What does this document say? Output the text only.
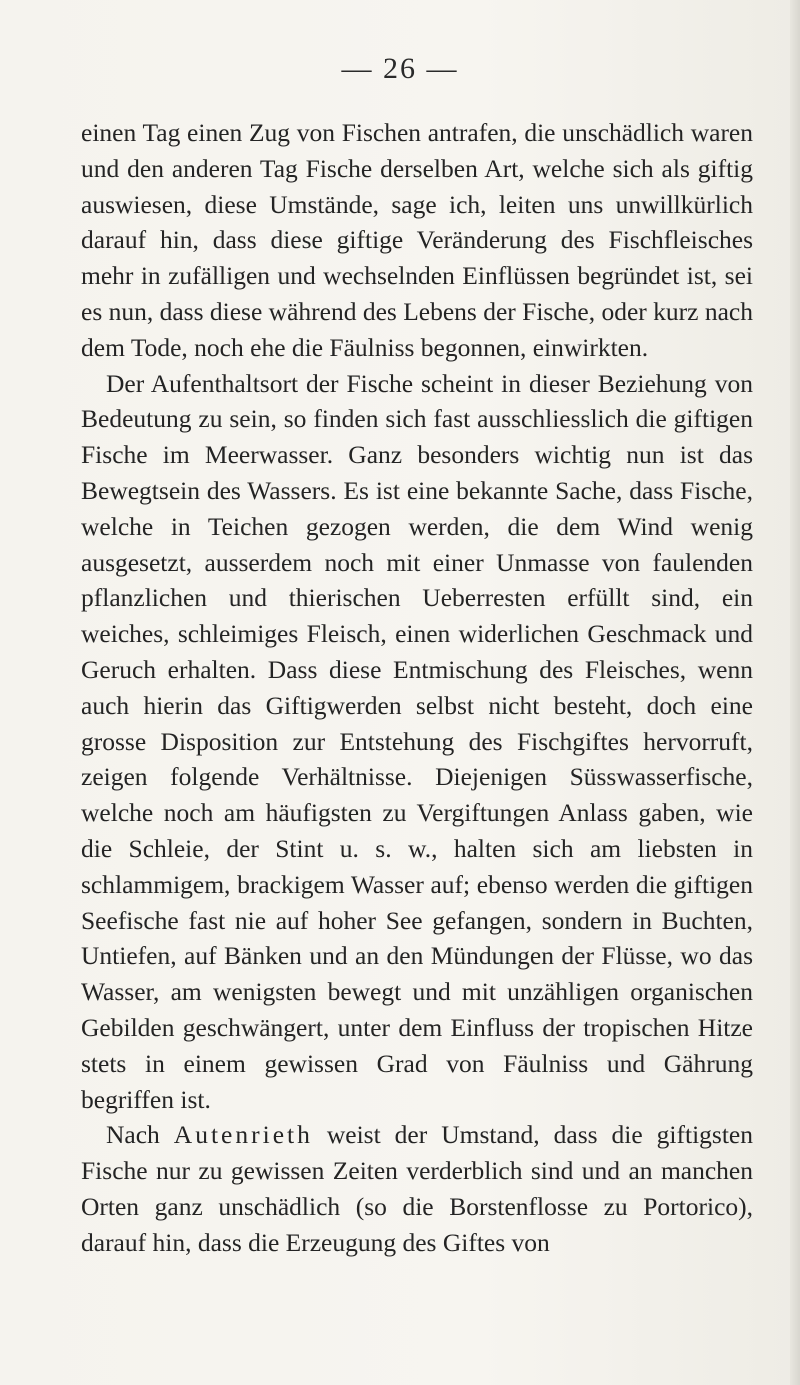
— 26 —

einen Tag einen Zug von Fischen antrafen, die unschädlich waren und den anderen Tag Fische derselben Art, welche sich als giftig auswiesen, diese Umstände, sage ich, leiten uns unwillkürlich darauf hin, dass diese giftige Veränderung des Fischfleisches mehr in zufälligen und wechselnden Einflüssen begründet ist, sei es nun, dass diese während des Lebens der Fische, oder kurz nach dem Tode, noch ehe die Fäulniss begonnen, einwirkten.

Der Aufenthaltsort der Fische scheint in dieser Beziehung von Bedeutung zu sein, so finden sich fast ausschliesslich die giftigen Fische im Meerwasser. Ganz besonders wichtig nun ist das Bewegtsein des Wassers. Es ist eine bekannte Sache, dass Fische, welche in Teichen gezogen werden, die dem Wind wenig ausgesetzt, ausserdem noch mit einer Unmasse von faulenden pflanzlichen und thierischen Ueberresten erfüllt sind, ein weiches, schleimiges Fleisch, einen widerlichen Geschmack und Geruch erhalten. Dass diese Entmischung des Fleisches, wenn auch hierin das Giftigwerden selbst nicht besteht, doch eine grosse Disposition zur Entstehung des Fischgiftes hervorruft, zeigen folgende Verhältnisse. Diejenigen Süsswasserfische, welche noch am häufigsten zu Vergiftungen Anlass gaben, wie die Schleie, der Stint u. s. w., halten sich am liebsten in schlammigem, brackigem Wasser auf; ebenso werden die giftigen Seefische fast nie auf hoher See gefangen, sondern in Buchten, Untiefen, auf Bänken und an den Mündungen der Flüsse, wo das Wasser, am wenigsten bewegt und mit unzähligen organischen Gebilden geschwängert, unter dem Einfluss der tropischen Hitze stets in einem gewissen Grad von Fäulniss und Gährung begriffen ist.

Nach Autenrieth weist der Umstand, dass die giftigsten Fische nur zu gewissen Zeiten verderblich sind und an manchen Orten ganz unschädlich (so die Borstenflosse zu Portorico), darauf hin, dass die Erzeugung des Giftes von
